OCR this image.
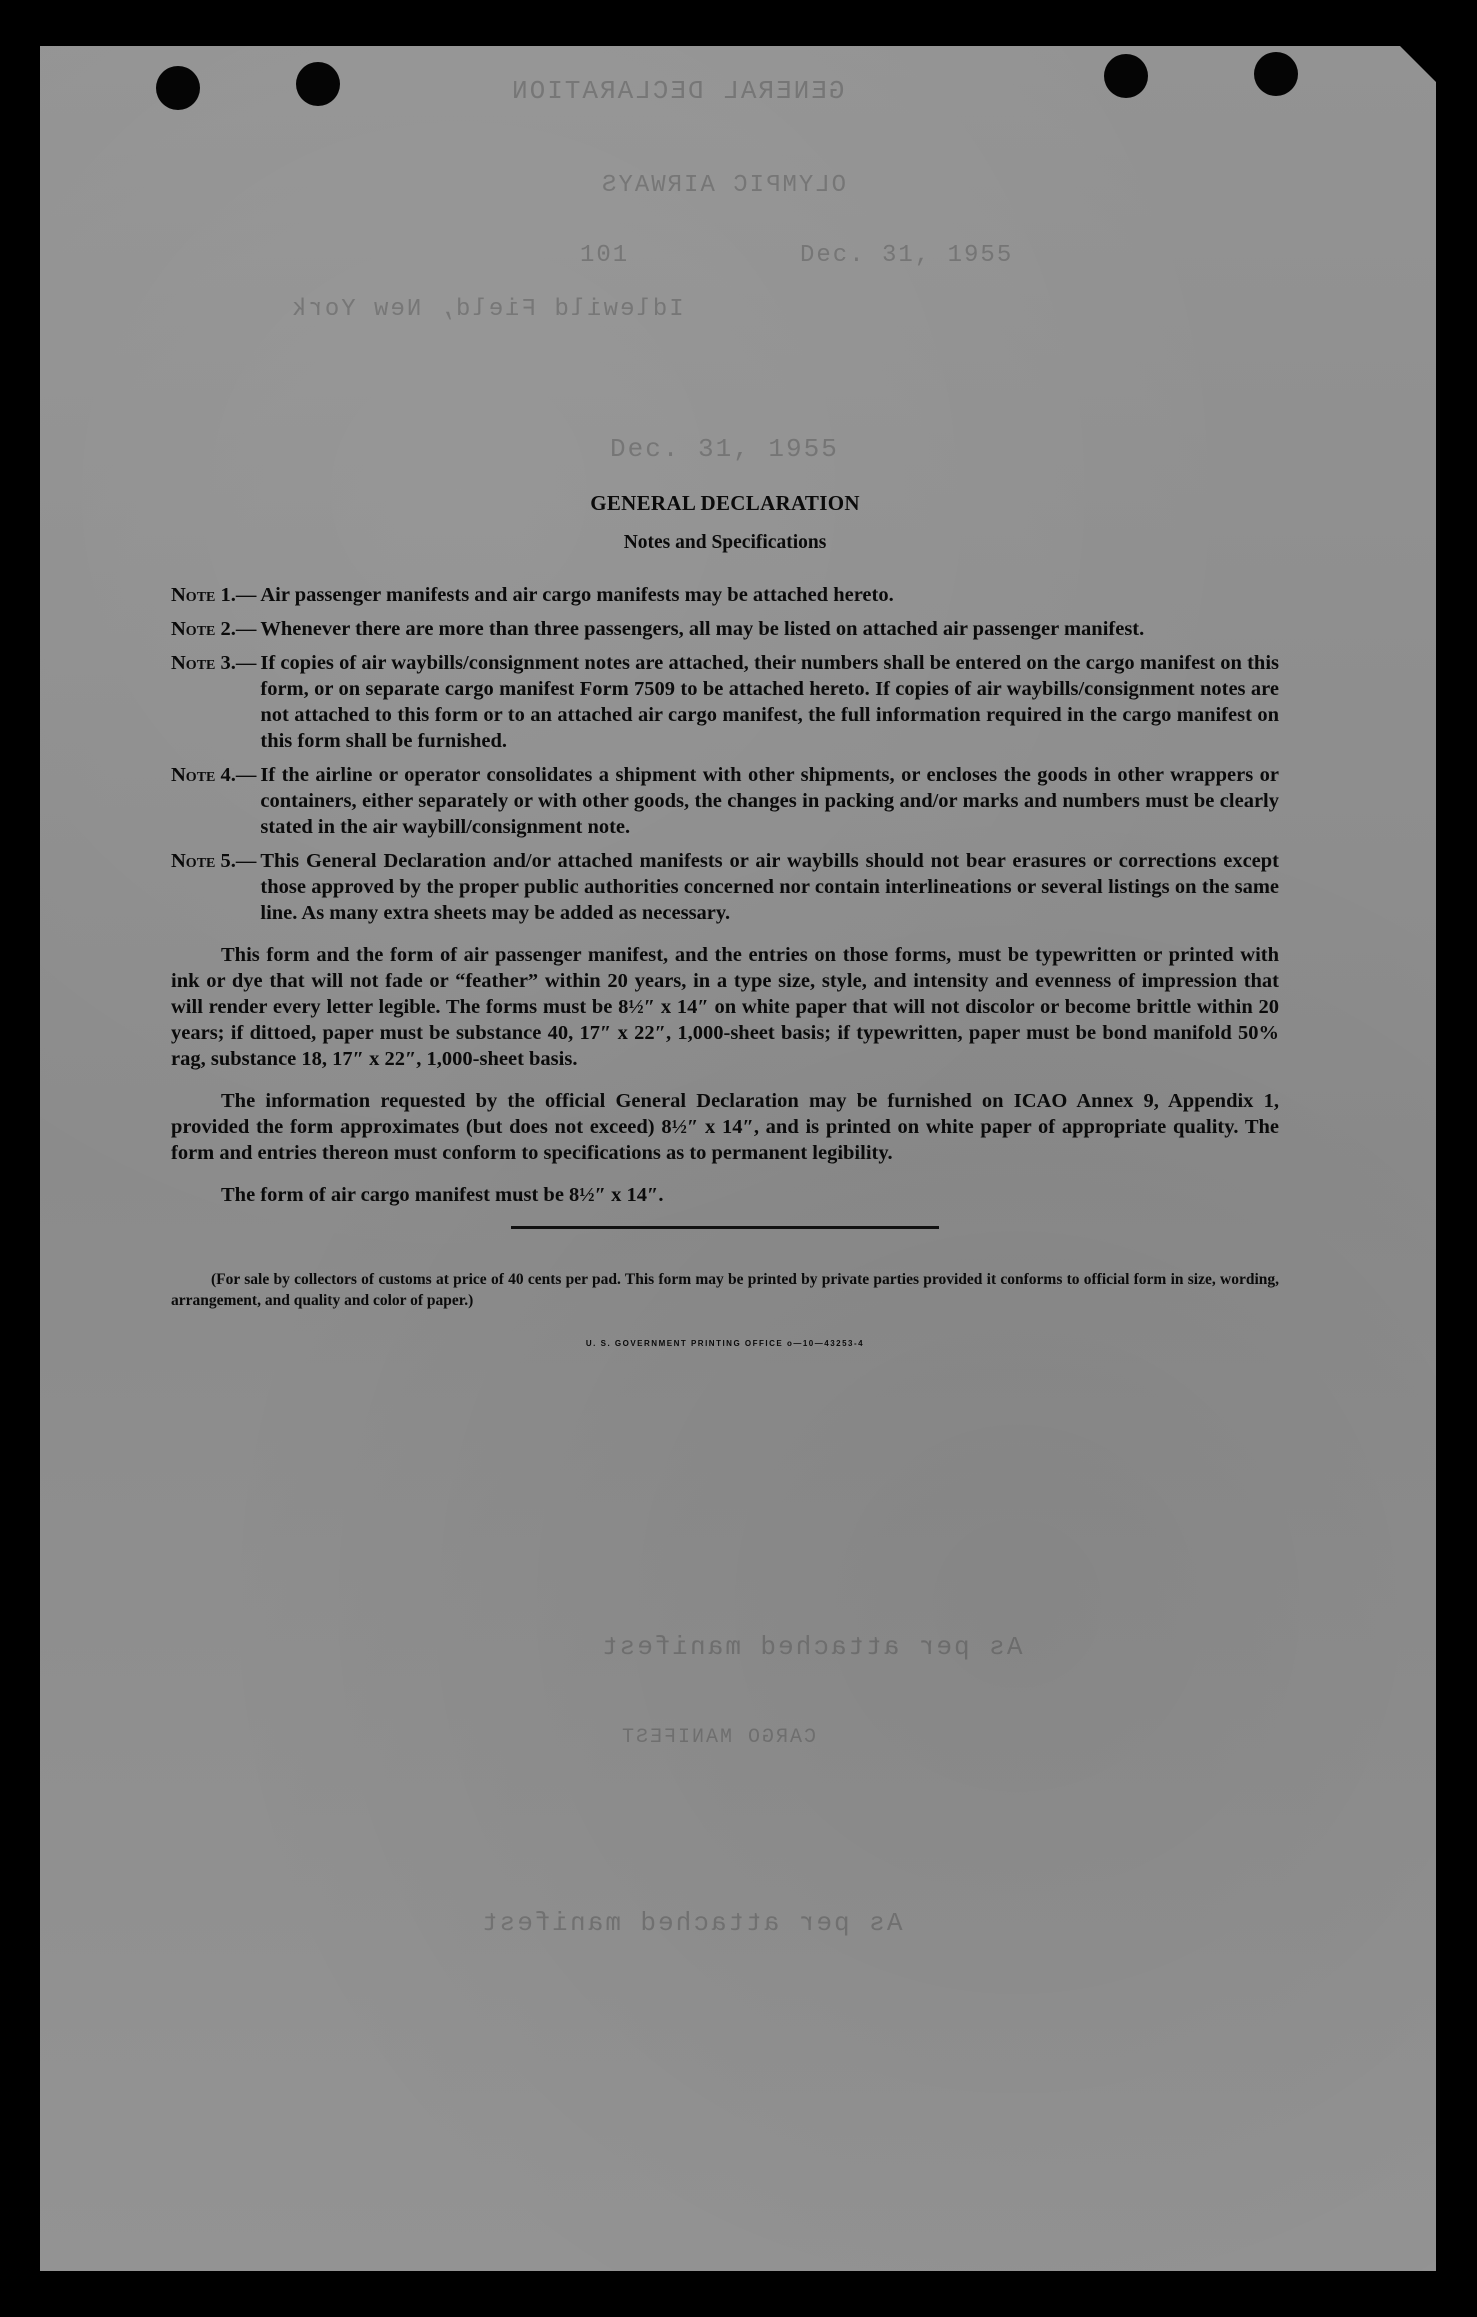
GENERAL DECLARATION
OLYMPIC AIRWAYS
101	Dec. 31, 1955
Idlewild Field, New York
Dec. 31, 1955
As per attached manifest
CARGO MANIFEST
As per attached manifest
GENERAL DECLARATION
Notes and Specifications
Note 1.— Air passenger manifests and air cargo manifests may be attached hereto.
Note 2.— Whenever there are more than three passengers, all may be listed on attached air passenger manifest.
Note 3.— If copies of air waybills/consignment notes are attached, their numbers shall be entered on the cargo manifest on this form, or on separate cargo manifest Form 7509 to be attached hereto. If copies of air waybills/consignment notes are not attached to this form or to an attached air cargo manifest, the full information required in the cargo manifest on this form shall be furnished.
Note 4.— If the airline or operator consolidates a shipment with other shipments, or encloses the goods in other wrappers or containers, either separately or with other goods, the changes in packing and/or marks and numbers must be clearly stated in the air waybill/consignment note.
Note 5.— This General Declaration and/or attached manifests or air waybills should not bear erasures or corrections except those approved by the proper public authorities concerned nor contain interlineations or several listings on the same line. As many extra sheets may be added as necessary.

This form and the form of air passenger manifest, and the entries on those forms, must be typewritten or printed with ink or dye that will not fade or “feather” within 20 years, in a type size, style, and intensity and evenness of impression that will render every letter legible. The forms must be 8½″ x 14″ on white paper that will not discolor or become brittle within 20 years; if dittoed, paper must be substance 40, 17″ x 22″, 1,000-sheet basis; if typewritten, paper must be bond manifold 50% rag, substance 18, 17″ x 22″, 1,000-sheet basis.

The information requested by the official General Declaration may be furnished on ICAO Annex 9, Appendix 1, provided the form approximates (but does not exceed) 8½″ x 14″, and is printed on white paper of appropriate quality. The form and entries thereon must conform to specifications as to permanent legibility.

The form of air cargo manifest must be 8½″ x 14″.

(For sale by collectors of customs at price of 40 cents per pad. This form may be printed by private parties provided it conforms to official form in size, wording, arrangement, and quality and color of paper.)

U. S. GOVERNMENT PRINTING OFFICE o—10—43253-4
